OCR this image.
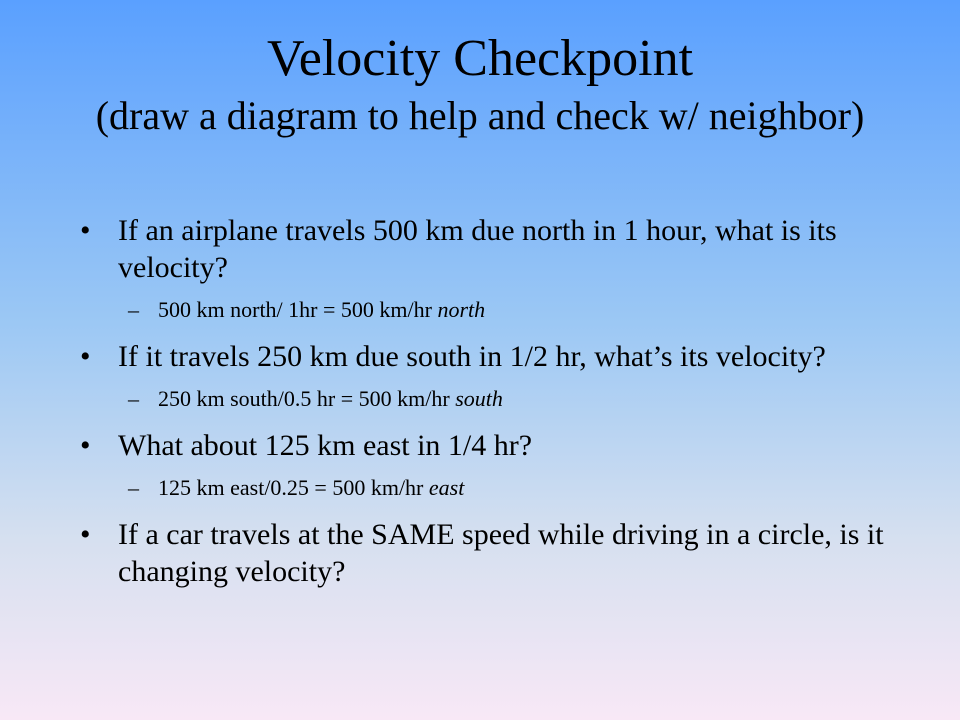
Velocity Checkpoint
(draw a diagram to help and check w/ neighbor)
• If an airplane travels 500 km due north in 1 hour, what is its velocity?
– 500 km north/ 1hr = 500 km/hr north
• If it travels 250 km due south in 1/2 hr, what’s its velocity?
– 250 km south/0.5 hr = 500 km/hr south
• What about 125 km east in 1/4 hr?
– 125 km east/0.25 = 500 km/hr east
• If a car travels at the SAME speed while driving in a circle, is it changing velocity?
